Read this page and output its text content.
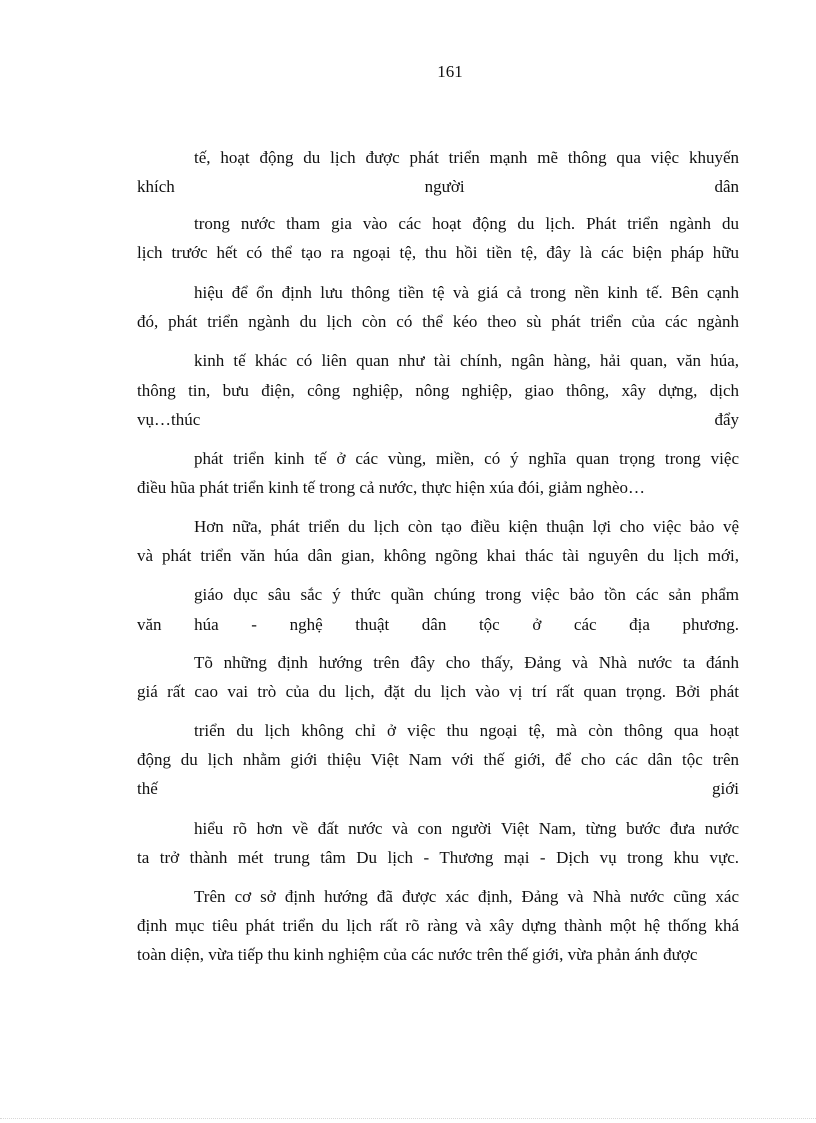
161
tế, hoạt động du lịch được phát triển mạnh mẽ thông qua việc khuyến
khích người dân
trong nước tham gia vào các hoạt động du lịch. Phát triển ngành du
lịch trước hết có thể tạo ra ngoại tệ, thu hồi tiền tệ, đây là các biện pháp hữu
hiệu để ổn định lưu thông tiền tệ và giá cả trong nền kinh tế. Bên cạnh
đó, phát triển ngành du lịch còn có thể kéo theo sù phát triển của các ngành
kinh tế khác có liên quan như tài chính, ngân hàng, hải quan, văn húa,
thông tin, bưu điện, công nghiệp, nông nghiệp, giao thông, xây dựng, dịch
vụ…thúc đẩy
phát triển kinh tế ở các vùng, miền, có ý nghĩa quan trọng trong việc
điều hũa phát triển kinh tế trong cả nước, thực hiện xúa đói, giảm nghèo…
Hơn nữa, phát triển du lịch còn tạo điều kiện thuận lợi cho việc bảo vệ
và phát triển văn húa dân gian, không ngõng khai thác tài nguyên du lịch mới,
giáo dục sâu sắc ý thức quần chúng trong việc bảo tồn các sản phẩm
văn húa - nghệ thuật dân tộc ở các địa phương.
Tõ những định hướng trên đây cho thấy, Đảng và Nhà nước ta đánh
giá rất cao vai trò của du lịch, đặt du lịch vào vị trí rất quan trọng. Bởi phát
triển du lịch không chỉ ở việc thu ngoại tệ, mà còn thông qua hoạt
động du lịch nhằm giới thiệu Việt Nam với thế giới, để cho các dân tộc trên
thế giới
hiểu rõ hơn về đất nước và con người Việt Nam, từng bước đưa nước
ta trở thành mét trung tâm Du lịch - Thương mại - Dịch vụ trong khu vực.
Trên cơ sở định hướng đã được xác định, Đảng và Nhà nước cũng xác
định mục tiêu phát triển du lịch rất rõ ràng và xây dựng thành một hệ thống khá
toàn diện, vừa tiếp thu kinh nghiệm của các nước trên thế giới, vừa phản ánh được
